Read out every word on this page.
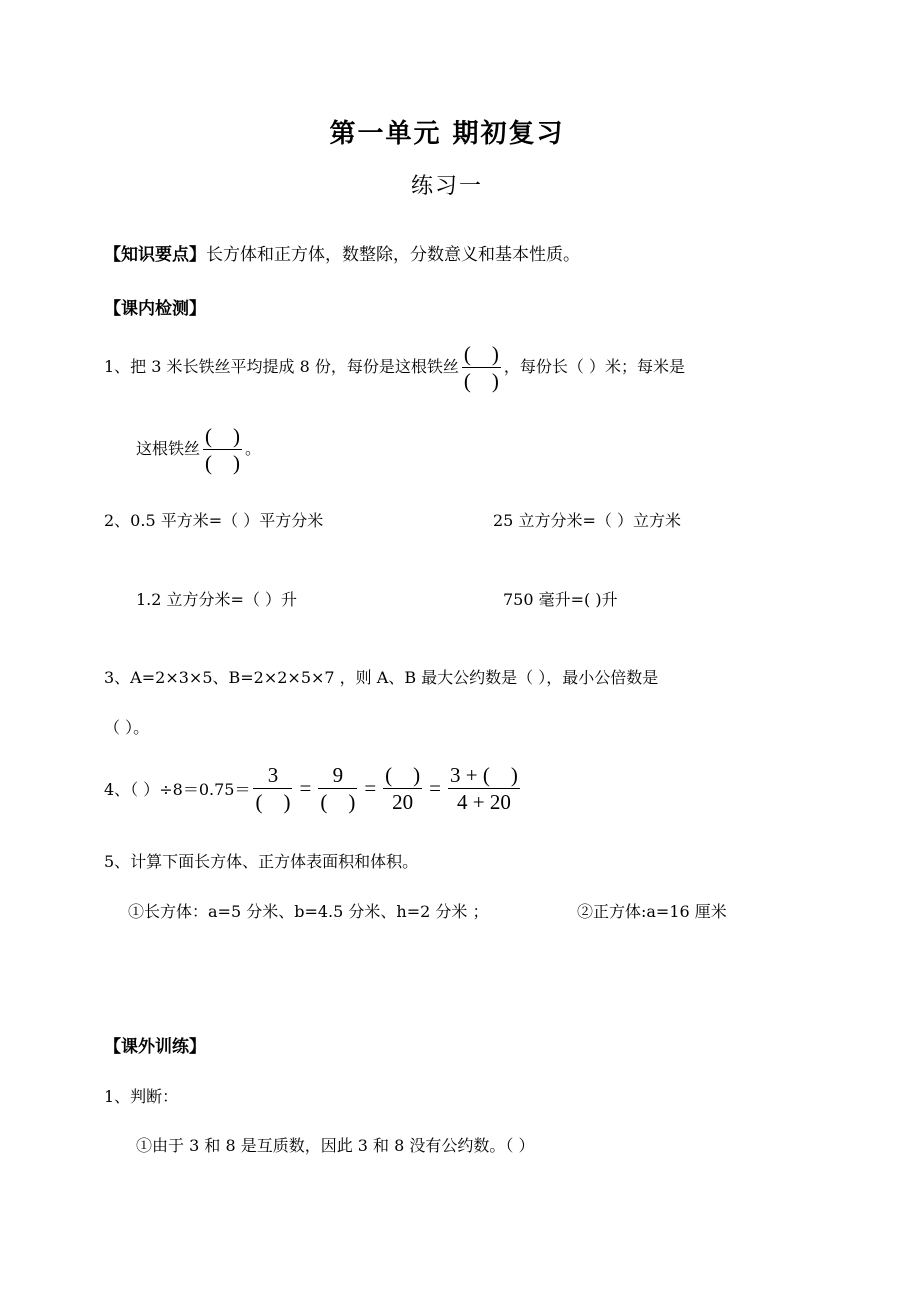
第一单元 期初复习
练习一
【知识要点】长方体和正方体，数整除，分数意义和基本性质。
【课内检测】
1、把 3 米长铁丝平均提成 8 份，每份是这根铁丝 $\frac{( )}{( )}$ ，每份长（ ）米；每米是
这根铁丝 $\frac{( )}{( )}$ 。
2、0.5 平方米=（ ）平方分米	25 立方分米=（ ）立方米
1.2 立方分米=（ ）升	750 毫升=( )升
3、A=2×3×5、B=2×2×5×7 ，则 A、B 最大公约数是（ ），最小公倍数是
（ ）。
4、（ ）$\div 8=0.75= \frac{3}{( )} = \frac{9}{( )} = \frac{( )}{20} = \frac{3 + ( )}{4 + 20}$
5、计算下面长方体、正方体表面积和体积。
①长方体：a=5 分米、b=4.5 分米、h=2 分米 ；	②正方体:a=16 厘米
【课外训练】
1、判断：
①由于 3 和 8 是互质数，因此 3 和 8 没有公约数。（ ）
